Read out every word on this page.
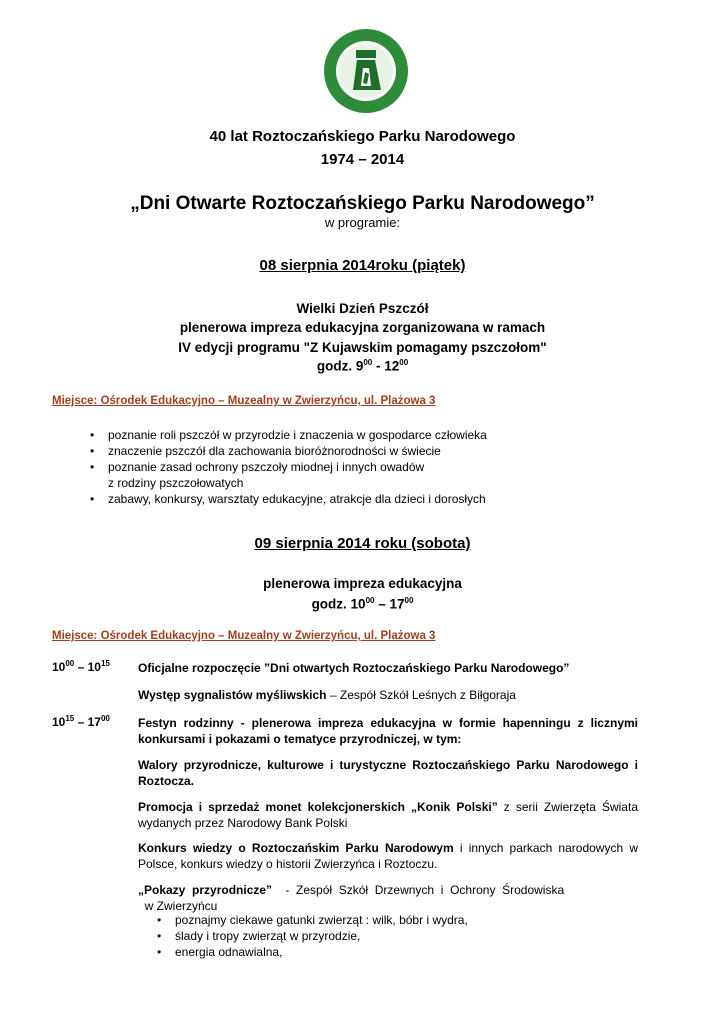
40 lat Roztoczańskiego Parku Narodowego
1974 – 2014
„Dni Otwarte Roztoczańskiego Parku Narodowego”
w programie:
08 sierpnia 2014roku (piątek)
Wielki Dzień Pszczół
plenerowa impreza edukacyjna zorganizowana w ramach
IV edycji programu "Z Kujawskim pomagamy pszczołom"
godz. $9^{00} - 12^{00}$
Miejsce: Ośrodek Edukacyjno – Muzealny w Zwierzyńcu, ul. Plażowa 3
• poznanie roli pszczół w przyrodzie i znaczenia w gospodarce człowieka
• znaczenie pszczół dla zachowania bioróżnorodności w świecie
• poznanie zasad ochrony pszczoły miodnej i innych owadów
z rodziny pszczołowatych
• zabawy, konkursy, warsztaty edukacyjne, atrakcje dla dzieci i dorosłych
09 sierpnia 2014 roku (sobota)
plenerowa impreza edukacyjna
godz. $10^{00} - 17^{00}$
Miejsce: Ośrodek Edukacyjno – Muzealny w Zwierzyńcu, ul. Plażowa 3
$10^{00} - 10^{15}$ Oficjalne rozpoczęcie ”Dni otwartych Roztoczańskiego Parku Narodowego”
Występ sygnalistów myśliwskich – Zespół Szkół Leśnych z Biłgoraja
$10^{15} - 17^{00}$ Festyn rodzinny - plenerowa impreza edukacyjna w formie hapenningu z licznymi konkursami i pokazami o tematyce przyrodniczej, w tym:
Walory przyrodnicze, kulturowe i turystyczne Roztoczańskiego Parku Narodowego i Roztocza.
Promocja i sprzedaż monet kolekcjonerskich „Konik Polski” z serii Zwierzęta Świata wydanych przez Narodowy Bank Polski
Konkurs wiedzy o Roztoczańskim Parku Narodowym i innych parkach narodowych w Polsce, konkurs wiedzy o historii Zwierzyńca i Roztoczu.
„Pokazy  przyrodnicze”    -  Zespół  Szkół  Drzewnych  i  Ochrony  Środowiska
w Zwierzyńcu
• poznajmy ciekawe gatunki zwierząt : wilk, bóbr i wydra,
• ślady i tropy zwierząt w przyrodzie,
• energia odnawialna,
